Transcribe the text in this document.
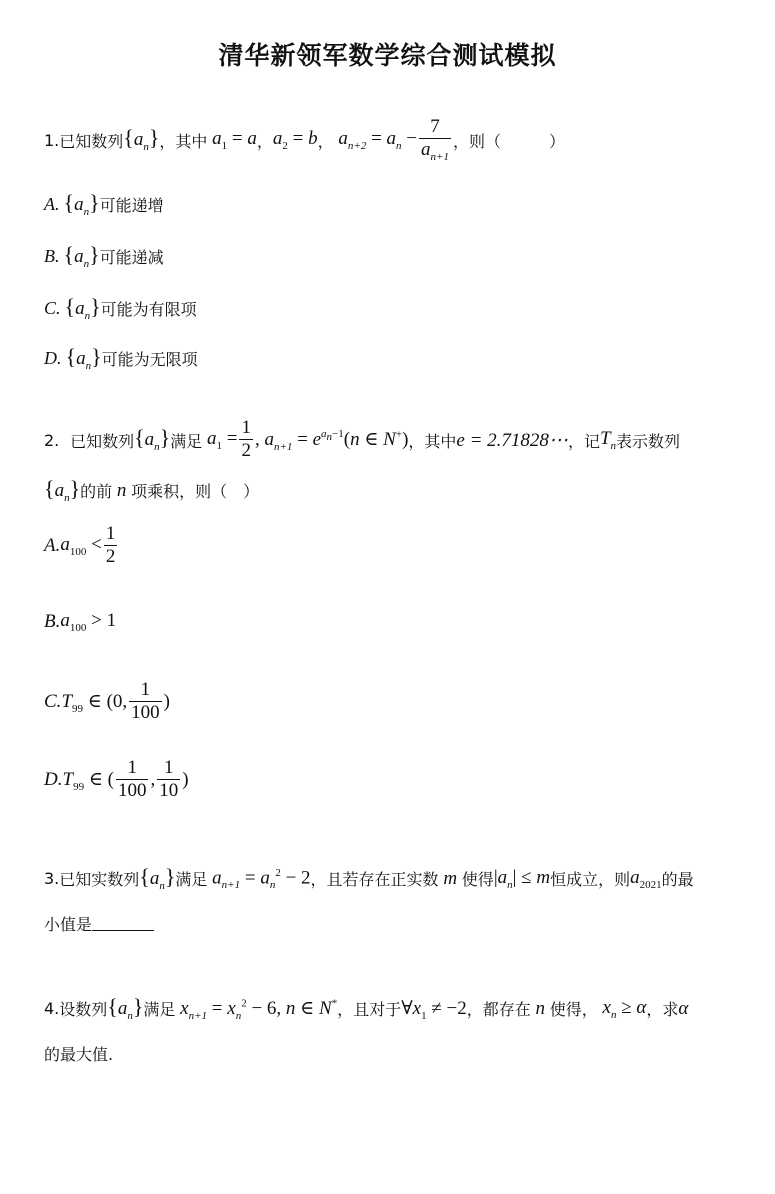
清华新领军数学综合测试模拟
1. 已知数列 $\{a_n\}$ ，其中 $a_1 = a$ ， $a_2 = b$ ， $a_{n+2} = a_n - \frac{7}{a_{n+1}}$ ，则（	）
A. $\{a_n\}$ 可能递增
B. $\{a_n\}$ 可能递减
C. $\{a_n\}$ 可能为有限项
D. $\{a_n\}$ 可能为无限项
2.
已知数列 $\{a_n\}$ 满足 $a_1 = \frac{1}{2}$ , $a_{n+1} = e^{a_n-1}(n$ ∈ N+) ，其中 e = 2.71828⋯ ，记 $T_n$ 表示数列
$\{a_n\}$ 的前 n 项乘积，则（　）
A. $a_{100} < \frac{1}{2}$
B. $a_{100} > 1$
C. $T_{99}$ ∈ (0, $\frac{1}{100}$ )
D. $T_{99}$ ∈ ( $\frac{1}{100}$ , $\frac{1}{10}$ )
3. 已知实数列 $\{a_n\}$ 满足 $a_{n+1} = a_n^2 - 2$ ，且若存在正实数 m 使得 $|a_n| \le m$ 恒成立，则 $a_{2021}$ 的最
小值是
4. 设数列 $\{a_n\}$ 满足 $x_{n+1} = x_n^2 - 6$, n ∈ N* ，且对于 $\forall x_1 \ne -2$ ，都存在 n 使得， $x_n \ge \alpha$ ，求 α
的最大值.
